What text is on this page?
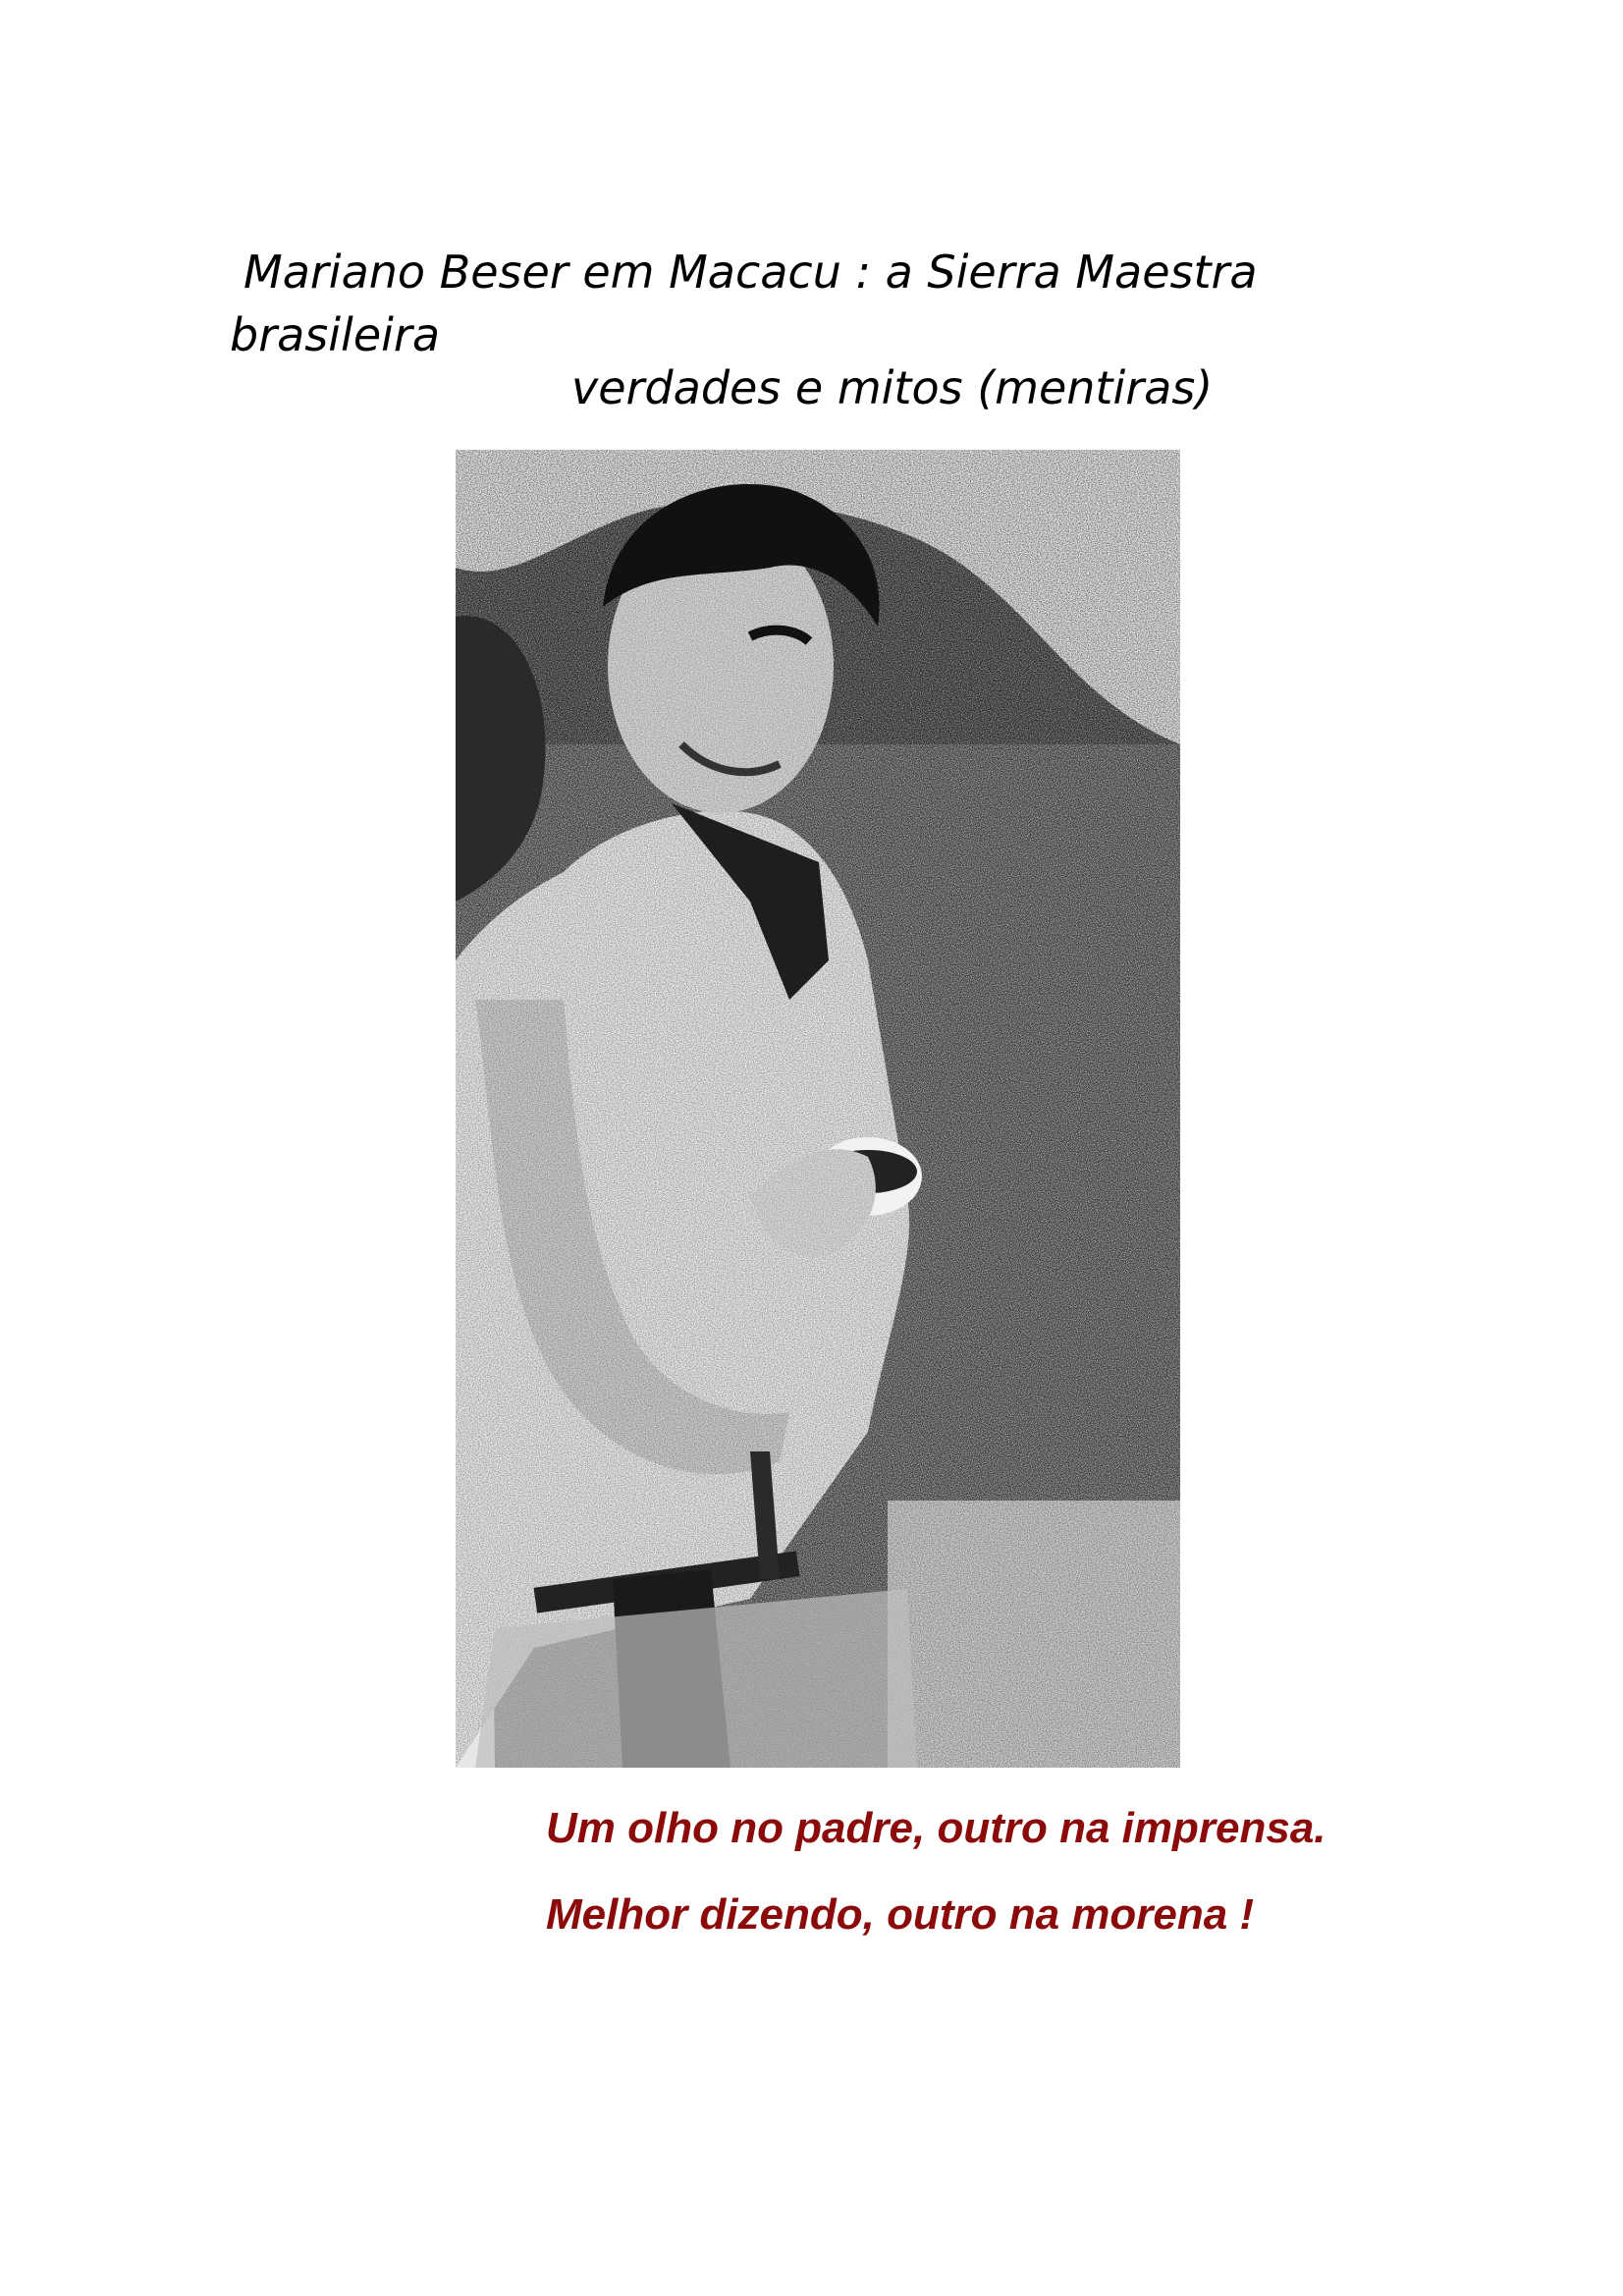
Mariano Beser em Macacu : a Sierra Maestra
brasileira
verdades e mitos (mentiras)
Um olho no padre, outro na imprensa.
Melhor dizendo, outro na morena !
